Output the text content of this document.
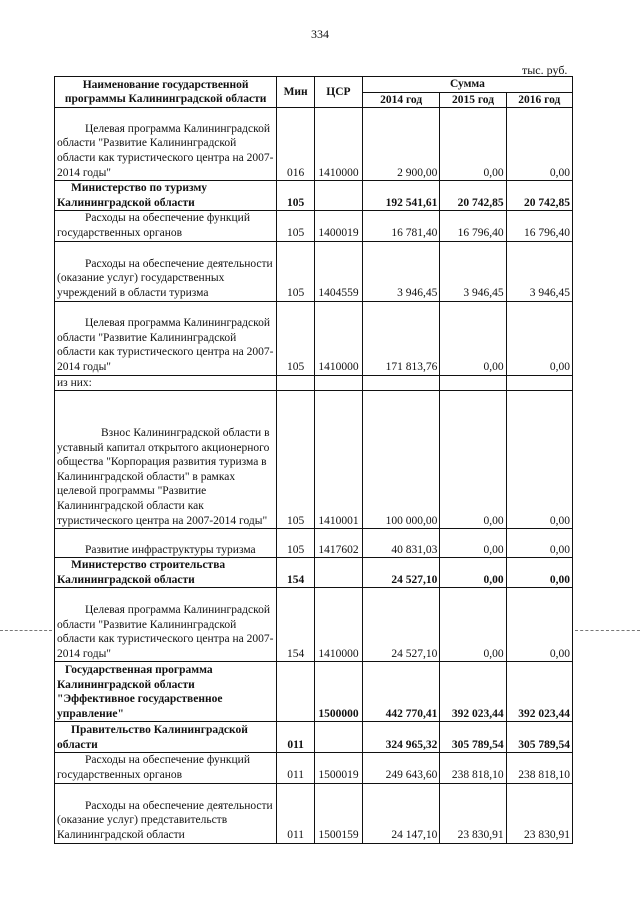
334
тыс. руб.
Наименование государственной программы Калининградской области	Мин	ЦСР	Сумма		
			2014 год	2015 год	2016 год
Целевая программа Калининградской области "Развитие Калининградской области как туристического центра на 2007-2014 годы"	016	1410000	2 900,00	0,00	0,00
Министерство по туризму Калининградской области	105		192 541,61	20 742,85	20 742,85
Расходы на обеспечение функций государственных органов	105	1400019	16 781,40	16 796,40	16 796,40
Расходы на обеспечение деятельности (оказание услуг) государственных учреждений в области туризма	105	1404559	3 946,45	3 946,45	3 946,45
Целевая программа Калининградской области "Развитие Калининградской области как туристического центра на 2007-2014 годы"	105	1410000	171 813,76	0,00	0,00
из них:					
Взнос Калининградской области в уставный капитал открытого акционерного общества "Корпорация развития туризма в Калининградской области" в рамках целевой программы "Развитие Калининградской области как туристического центра на 2007-2014 годы"	105	1410001	100 000,00	0,00	0,00
Развитие инфраструктуры туризма	105	1417602	40 831,03	0,00	0,00
Министерство строительства Калининградской области	154		24 527,10	0,00	0,00
Целевая программа Калининградской области "Развитие Калининградской области как туристического центра на 2007-2014 годы"	154	1410000	24 527,10	0,00	0,00
Государственная программа Калининградской области "Эффективное государственное управление"		1500000	442 770,41	392 023,44	392 023,44
Правительство Калининградской области	011		324 965,32	305 789,54	305 789,54
Расходы на обеспечение функций государственных органов	011	1500019	249 643,60	238 818,10	238 818,10
Расходы на обеспечение деятельности (оказание услуг) представительств Калининградской области	011	1500159	24 147,10	23 830,91	23 830,91
